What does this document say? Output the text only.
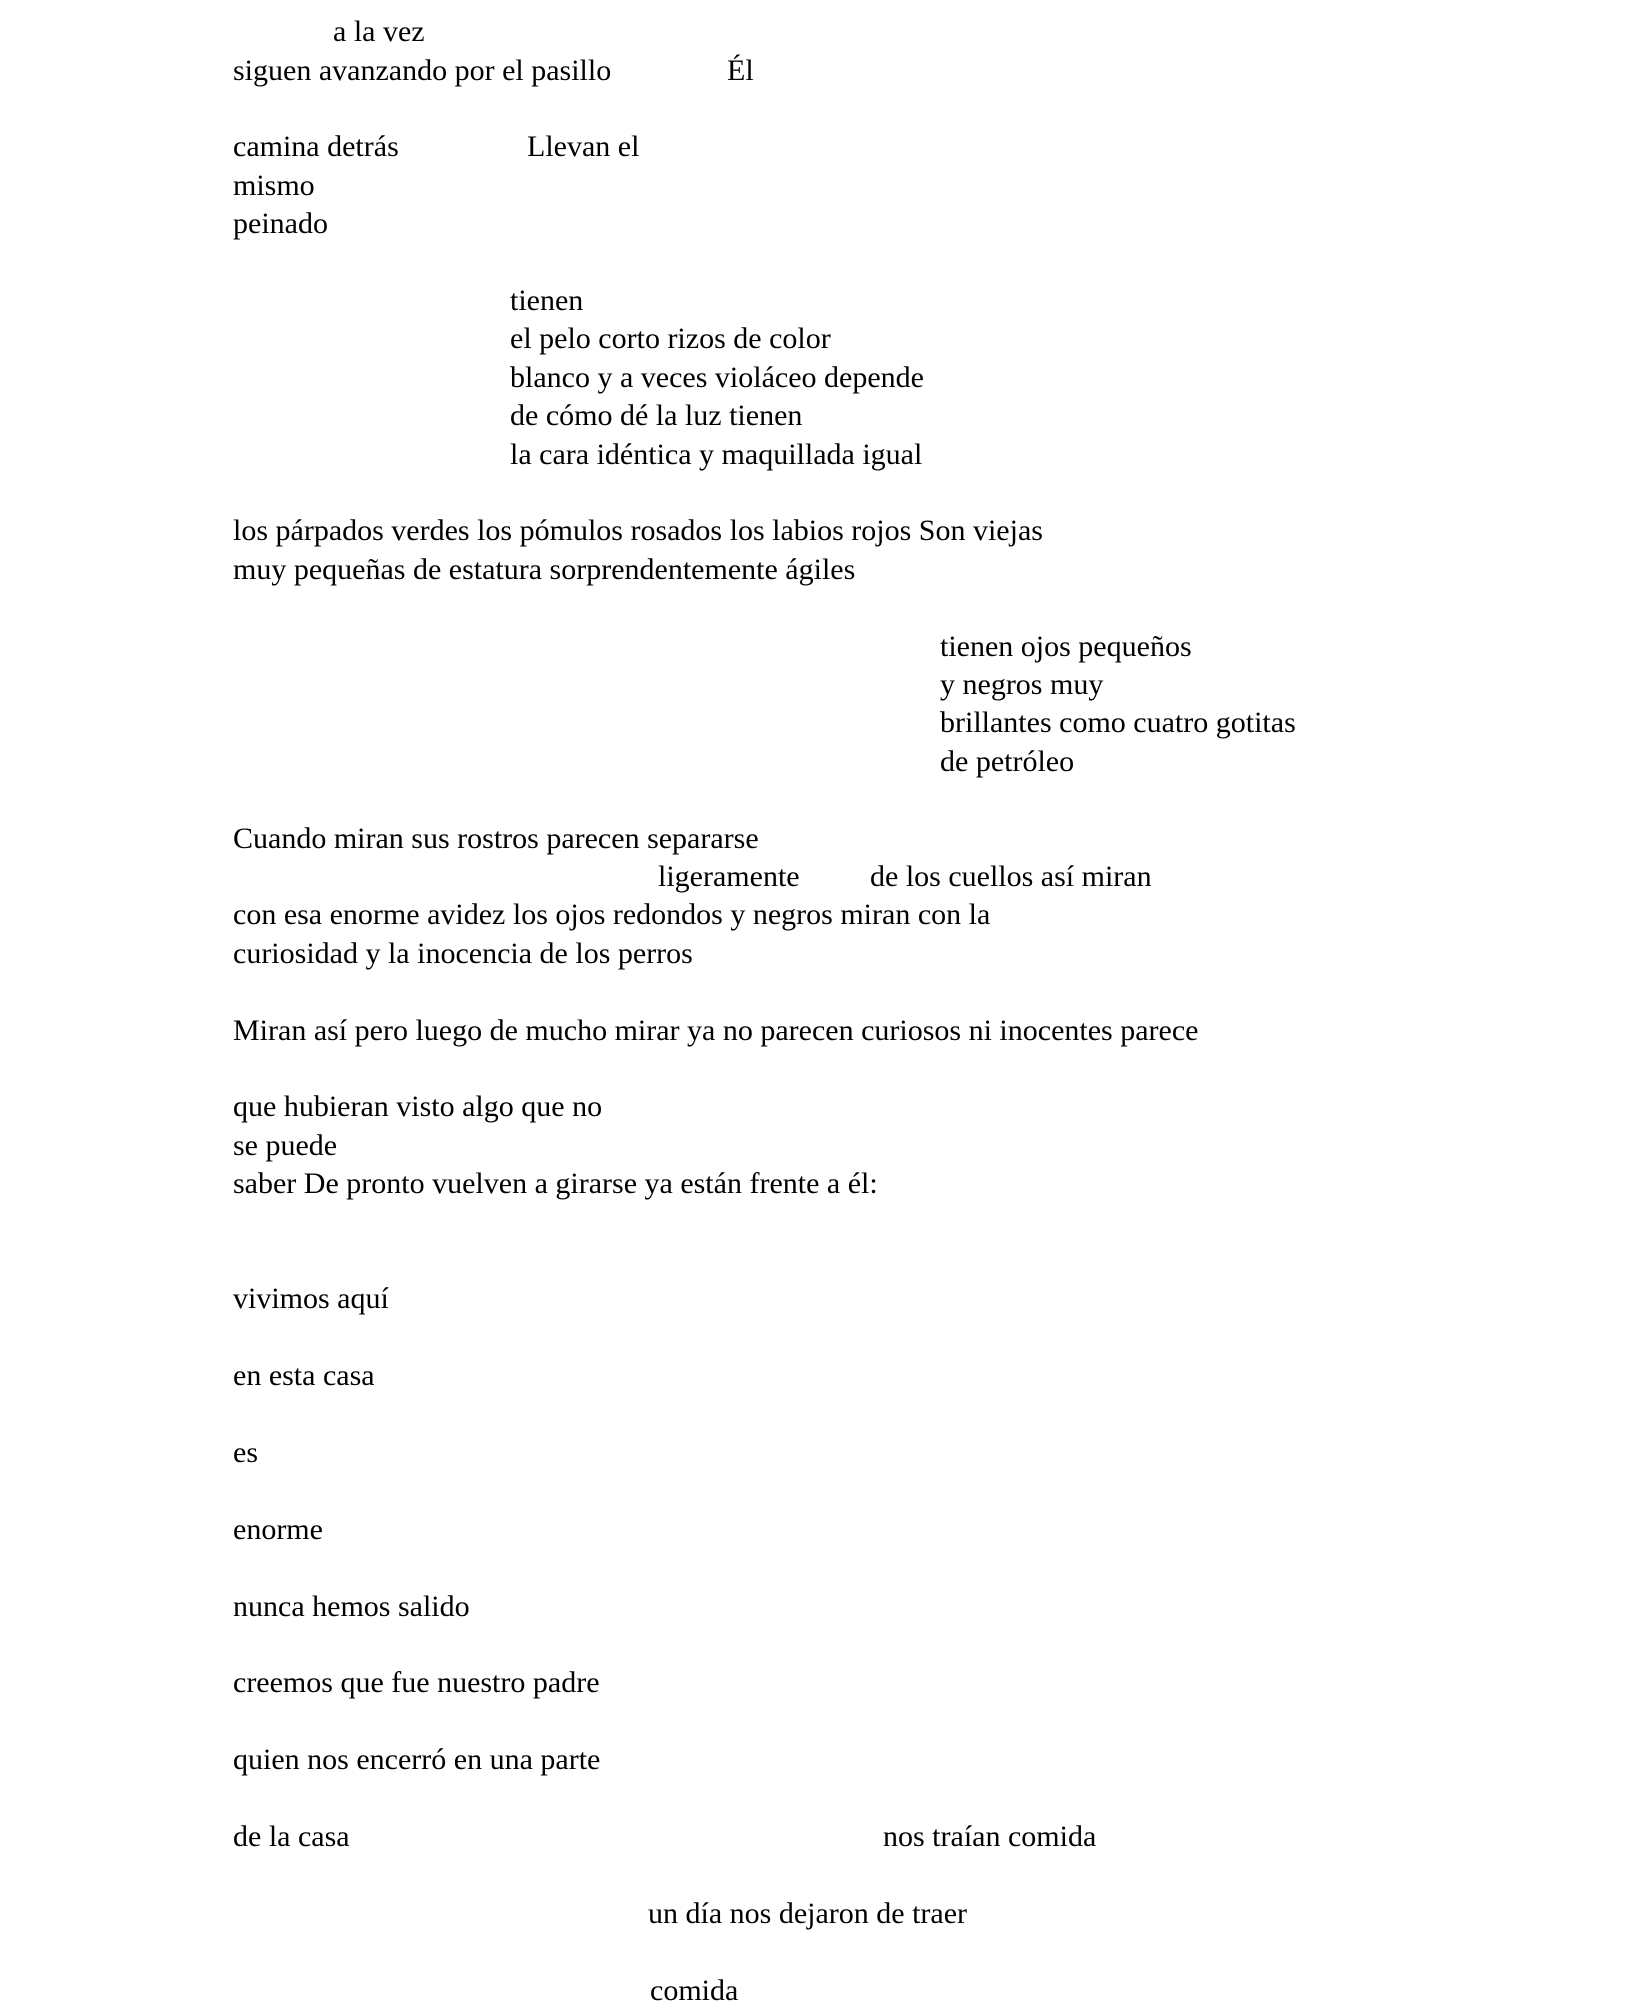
a la vez
siguen avanzando por el pasillo	Él
camina detrás	Llevan el
mismo
peinado
tienen
el pelo corto rizos de color
blanco y a veces violáceo depende
de cómo dé la luz tienen
la cara idéntica y maquillada igual
los párpados verdes los pómulos rosados los labios rojos Son viejas
muy pequeñas de estatura sorprendentemente ágiles
tienen ojos pequeños
y negros muy
brillantes como cuatro gotitas
de petróleo
Cuando miran sus rostros parecen separarse
ligeramente de los cuellos así miran
con esa enorme avidez los ojos redondos y negros miran con la
curiosidad y la inocencia de los perros
Miran así pero luego de mucho mirar ya no parecen curiosos ni inocentes parece
que hubieran visto algo que no
se puede
saber De pronto vuelven a girarse ya están frente a él:
vivimos aquí
en esta casa
es
enorme
nunca hemos salido
creemos que fue nuestro padre
quien nos encerró en una parte
de la casa	nos traían comida
un día nos dejaron de traer
comida
